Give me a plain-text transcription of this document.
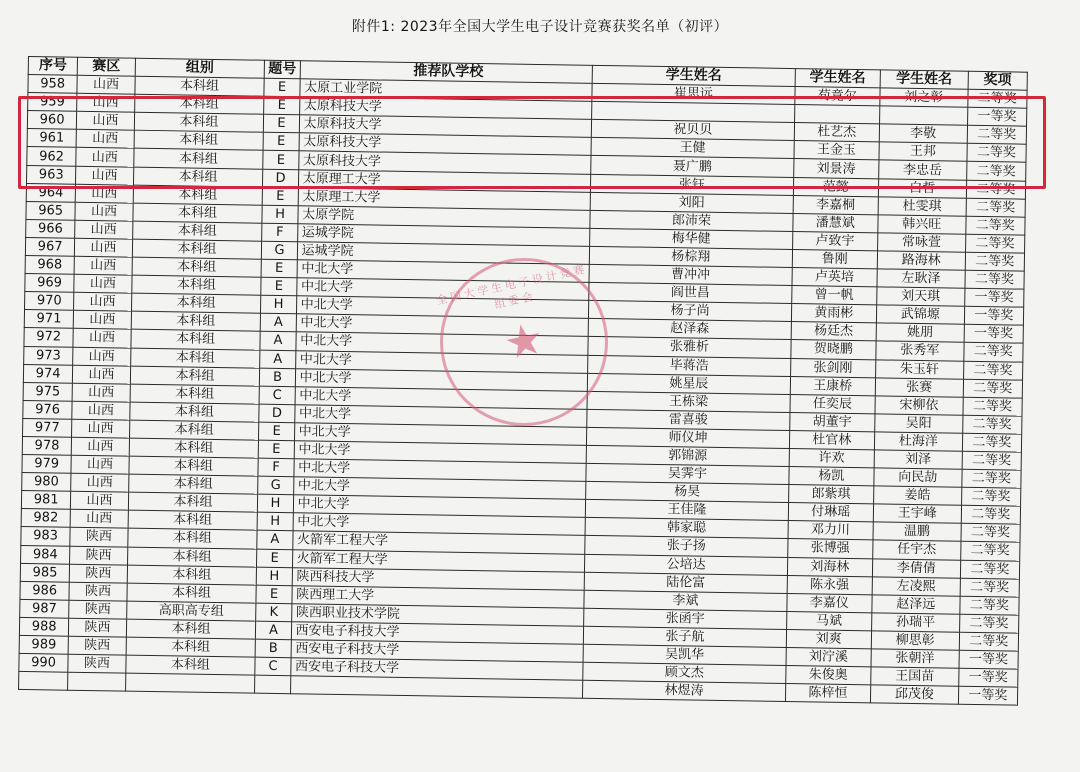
附件1: 2023年全国大学生电子设计竞赛获奖名单（初评）
序号	赛区	组别	题号	推荐队学校	学生姓名	学生姓名	学生姓名	奖项
958	山西	本科组	E	太原工业学院	崔思远	荀竟尔	刘之彰	二等奖
959	山西	本科组	E	太原科技大学				一等奖
960	山西	本科组	E	太原科技大学	祝贝贝	杜艺杰	李敬	二等奖
961	山西	本科组	E	太原科技大学	王健	王金玉	王邦	二等奖
962	山西	本科组	E	太原科技大学	聂广鹏	刘景涛	李忠岳	二等奖
963	山西	本科组	D	太原理工大学	张钰	范懿	白哲	二等奖
964	山西	本科组	E	太原理工大学	刘阳	李嘉桐	杜雯琪	二等奖
965	山西	本科组	H	太原学院	郎沛荣	潘慧斌	韩兴旺	二等奖
966	山西	本科组	F	运城学院	梅华健	卢致宇	常咏萱	二等奖
967	山西	本科组	G	运城学院	杨棕翔	鲁刚	路海林	二等奖
968	山西	本科组	E	中北大学	曹冲冲	卢英培	左耿泽	二等奖
969	山西	本科组	E	中北大学	阎世昌	曾一帆	刘天琪	一等奖
970	山西	本科组	H	中北大学	杨子尚	黄雨彬	武锦塬	一等奖
971	山西	本科组	A	中北大学	赵泽森	杨廷杰	姚朋	一等奖
972	山西	本科组	A	中北大学	张雅析	贺晓鹏	张秀军	二等奖
973	山西	本科组	A	中北大学	毕蒋浩	张剑刚	朱玉轩	二等奖
974	山西	本科组	B	中北大学	姚星辰	王康桥	张赛	二等奖
975	山西	本科组	C	中北大学	王栋梁	任奕辰	宋柳依	二等奖
976	山西	本科组	D	中北大学	雷喜骏	胡董宇	吴阳	二等奖
977	山西	本科组	E	中北大学	师仪坤	杜官林	杜海洋	二等奖
978	山西	本科组	E	中北大学	郭锦源	许欢	刘泽	二等奖
979	山西	本科组	F	中北大学	吴霁宇	杨凯	向民劼	二等奖
980	山西	本科组	G	中北大学	杨昊	郎紫琪	姜皓	二等奖
981	山西	本科组	H	中北大学	王佳隆	付琳瑶	王宇峰	二等奖
982	山西	本科组	H	中北大学	韩家聪	邓力川	温鹏	二等奖
983	陕西	本科组	A	火箭军工程大学	张子扬	张博强	任宇杰	二等奖
984	陕西	本科组	E	火箭军工程大学	公培达	刘海林	李倩倩	二等奖
985	陕西	本科组	H	陕西科技大学	陆伦富	陈永强	左凌熙	二等奖
986	陕西	本科组	E	陕西理工大学	李斌	李嘉仪	赵泽远	二等奖
987	陕西	高职高专组	K	陕西职业技术学院	张函宇	马斌	孙瑞平	二等奖
988	陕西	本科组	A	西安电子科技大学	张子航	刘爽	柳思彰	二等奖
989	陕西	本科组	B	西安电子科技大学	吴凯华	刘泞溪	张朝洋	一等奖
990	陕西	本科组	C	西安电子科技大学	顾文杰	朱俊奥	王国苗	一等奖
					林煜涛	陈梓恒	邱茂俊	一等奖
全国大学生电子设计竞赛组委会
★
